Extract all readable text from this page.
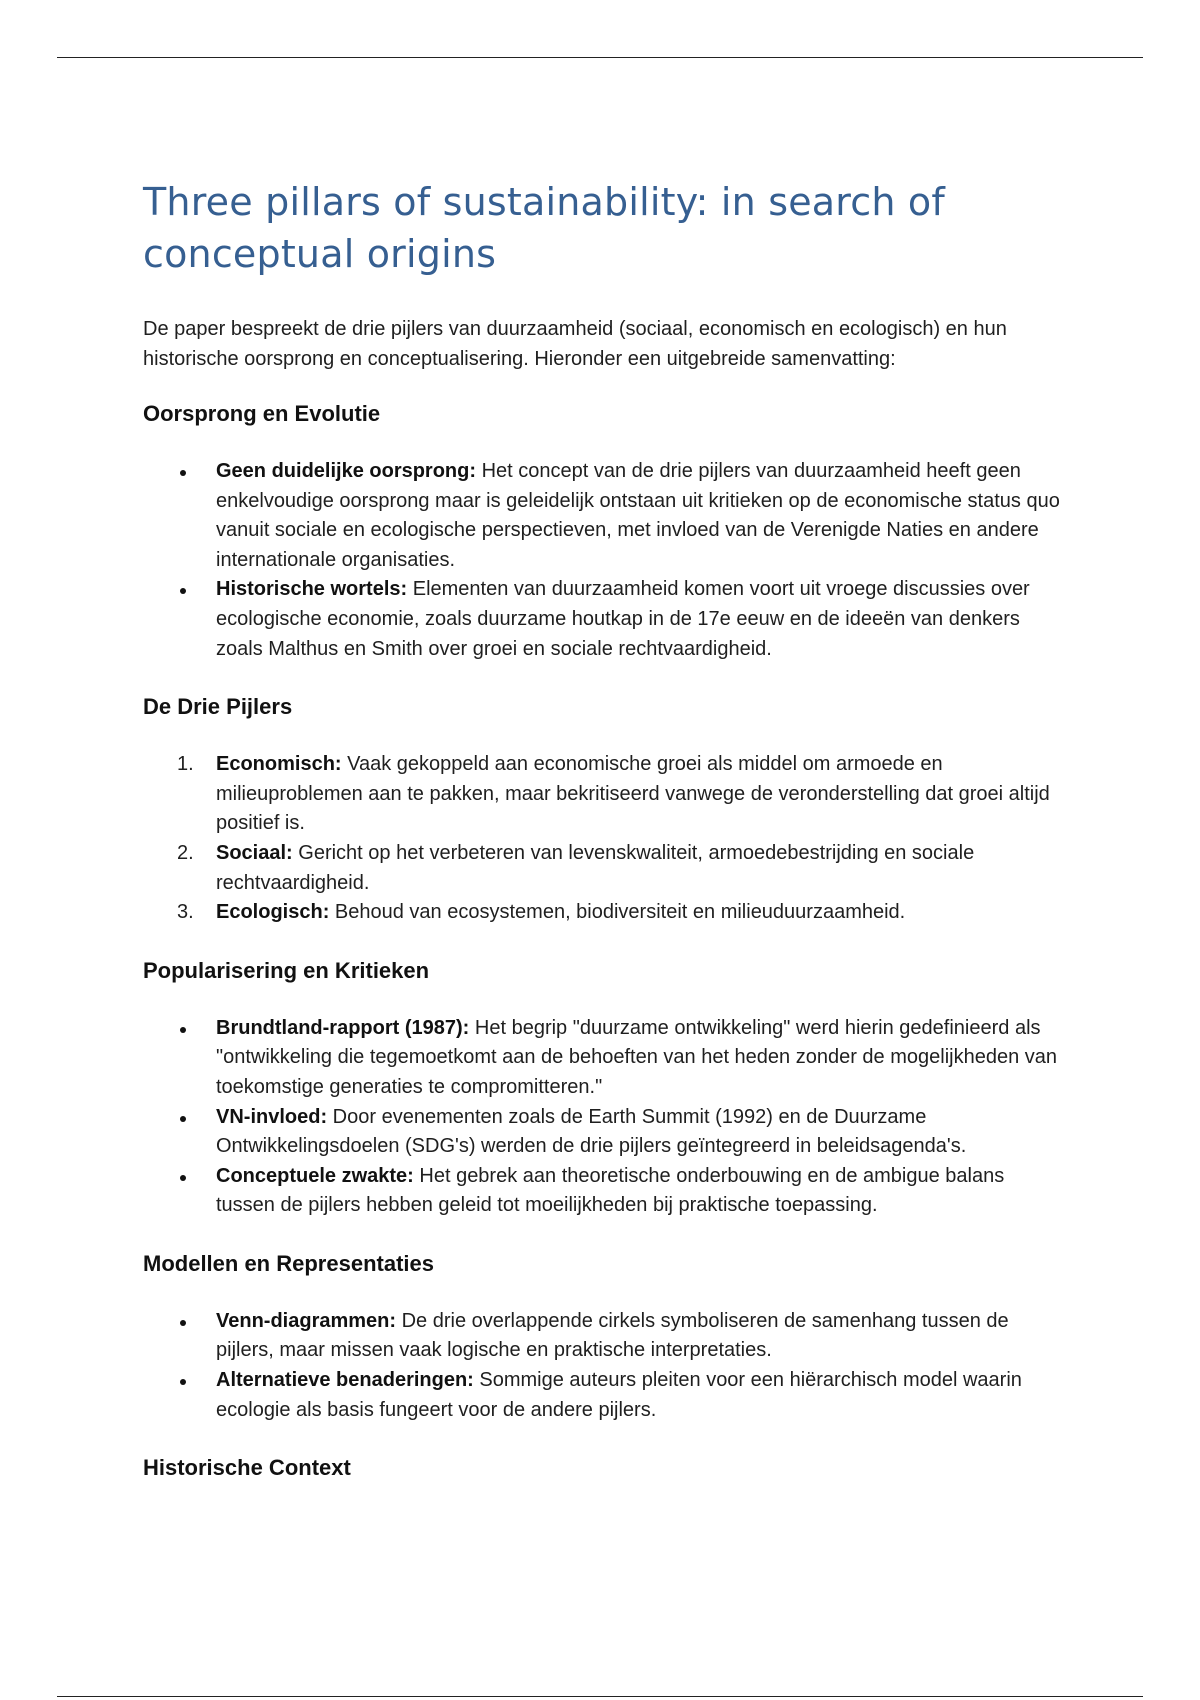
Three pillars of sustainability: in search of conceptual origins

De paper bespreekt de drie pijlers van duurzaamheid (sociaal, economisch en ecologisch) en hun historische oorsprong en conceptualisering. Hieronder een uitgebreide samenvatting:

Oorsprong en Evolutie
Geen duidelijke oorsprong: Het concept van de drie pijlers van duurzaamheid heeft geen enkelvoudige oorsprong maar is geleidelijk ontstaan uit kritieken op de economische status quo vanuit sociale en ecologische perspectieven, met invloed van de Verenigde Naties en andere internationale organisaties.
Historische wortels: Elementen van duurzaamheid komen voort uit vroege discussies over ecologische economie, zoals duurzame houtkap in de 17e eeuw en de ideeën van denkers zoals Malthus en Smith over groei en sociale rechtvaardigheid.
De Drie Pijlers
1.	Economisch: Vaak gekoppeld aan economische groei als middel om armoede en milieuproblemen aan te pakken, maar bekritiseerd vanwege de veronderstelling dat groei altijd positief is.
2.	Sociaal: Gericht op het verbeteren van levenskwaliteit, armoedebestrijding en sociale rechtvaardigheid.
3.	Ecologisch: Behoud van ecosystemen, biodiversiteit en milieuduurzaamheid.
Popularisering en Kritieken
Brundtland-rapport (1987): Het begrip "duurzame ontwikkeling" werd hierin gedefinieerd als "ontwikkeling die tegemoetkomt aan de behoeften van het heden zonder de mogelijkheden van toekomstige generaties te compromitteren."
VN-invloed: Door evenementen zoals de Earth Summit (1992) en de Duurzame Ontwikkelingsdoelen (SDG's) werden de drie pijlers geïntegreerd in beleidsagenda's.
Conceptuele zwakte: Het gebrek aan theoretische onderbouwing en de ambigue balans tussen de pijlers hebben geleid tot moeilijkheden bij praktische toepassing.
Modellen en Representaties
Venn-diagrammen: De drie overlappende cirkels symboliseren de samenhang tussen de pijlers, maar missen vaak logische en praktische interpretaties.
Alternatieve benaderingen: Sommige auteurs pleiten voor een hiërarchisch model waarin ecologie als basis fungeert voor de andere pijlers.
Historische Context
